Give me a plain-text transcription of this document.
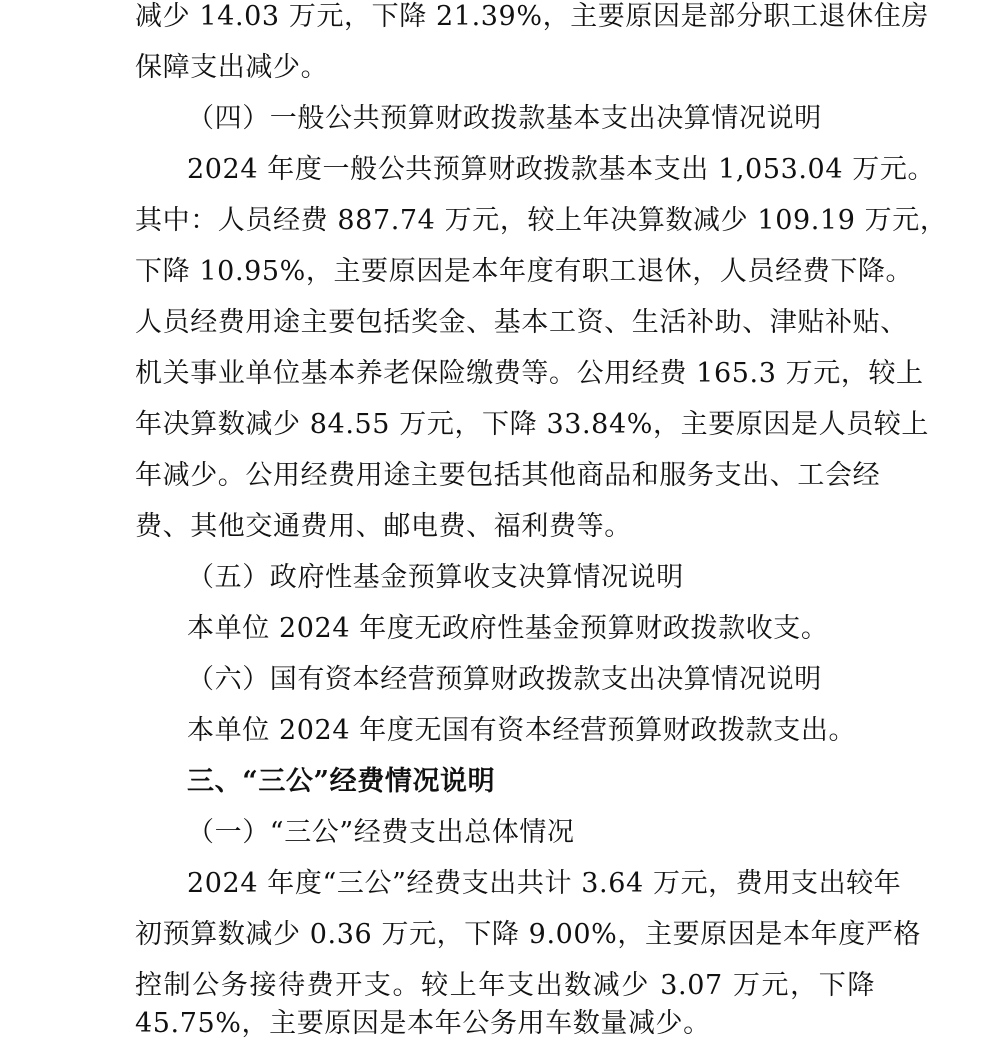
减少 14.03 万元，下降 21.39%，主要原因是部分职工退休住房
保障支出减少。
（四）一般公共预算财政拨款基本支出决算情况说明
2024 年度一般公共预算财政拨款基本支出 1,053.04 万元。
其中：人员经费 887.74 万元，较上年决算数减少 109.19 万元，
下降 10.95%，主要原因是本年度有职工退休，人员经费下降。
人员经费用途主要包括奖金、基本工资、生活补助、津贴补贴、
机关事业单位基本养老保险缴费等。公用经费 165.3 万元，较上
年决算数减少 84.55 万元，下降 33.84%，主要原因是人员较上
年减少。公用经费用途主要包括其他商品和服务支出、工会经
费、其他交通费用、邮电费、福利费等。
（五）政府性基金预算收支决算情况说明
本单位 2024 年度无政府性基金预算财政拨款收支。
（六）国有资本经营预算财政拨款支出决算情况说明
本单位 2024 年度无国有资本经营预算财政拨款支出。
三、“三公”经费情况说明
（一）“三公”经费支出总体情况
2024 年度“三公”经费支出共计 3.64 万元，费用支出较年
初预算数减少 0.36 万元，下降 9.00%，主要原因是本年度严格
控制公务接待费开支。较上年支出数减少 3.07 万元，下降
45.75%，主要原因是本年公务用车数量减少。
